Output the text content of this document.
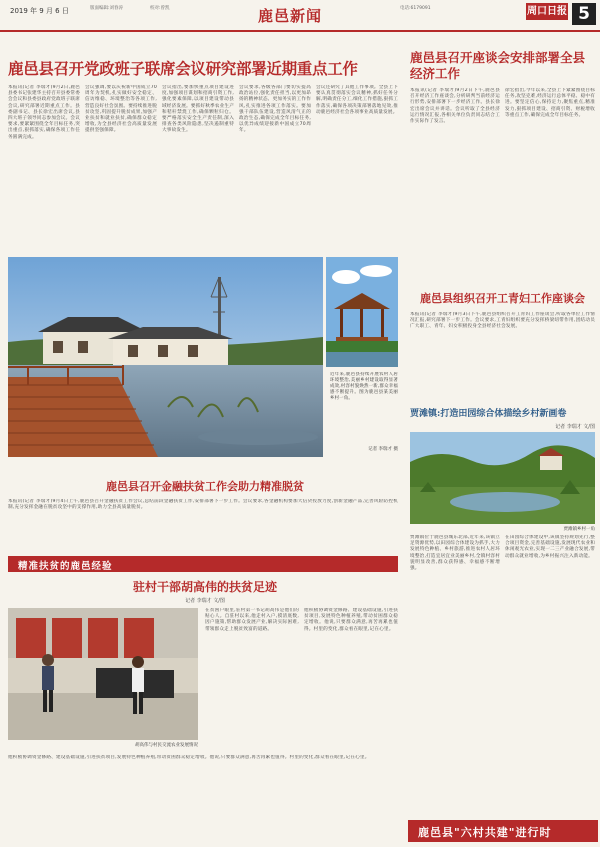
2019 年 9 月 6 日	版面编辑:刘春涛	校对:曾凯	鹿邑新闻	电话:6179091	周口日报 5
鹿邑县召开党政班子联席会议研究部署近期重点工作
本报讯(记者 李瑞才)9月2日,鹿邑县委书记张建华主持召开县委常委会会议和县委县政府党政班子联席会议,研究部署近期重点工作。县委副书记、县长徐宏出席会议,县四大班子领导同志参加会议。会议要求,要紧紧围绕全年目标任务,突出重点,狠抓落实,确保各项工作任务圆满完成。
会议强调,要以庆祝新中国成立70周年为契机,扎实做好安全稳定、信访维稳、环境整治等各项工作,营造良好社会氛围。要持续推进脱贫攻坚,巩固提升脱贫成果,加强产业扶贫和就业扶贫,确保群众稳定增收,为全县经济社会高质量发展提供坚强保障。
会议指出,要加快重点项目建设进度,加强项目谋划和招商引资工作,强化要素保障,以项目建设带动县域经济发展。要抓好秋季农业生产和秸秆禁烧工作,确保颗粒归仓。要严格落实安全生产责任制,深入排查各类风险隐患,坚决遏制重特大事故发生。
会议要求,各级各部门要切实提高政治站位,强化责任担当,以更加昂扬的精神状态、更加务实的工作作风,扎实推进各项工作落实。要加强干部队伍建设,营造风清气正的政治生态,确保完成全年目标任务,以优异成绩迎接新中国成立70周年。
会议还研究了其他工作事项。全县上下要认真贯彻落实会议精神,抓好任务分解,明确责任分工,细化工作措施,狠抓工作落实,确保各项决策部署落地见效,推动鹿邑经济社会各项事业高质量发展。
近年来,鹿邑县持续开展农村人居环境整治,美丽乡村建设取得显著成效,村容村貌焕然一新,群众幸福感不断提升。图为鹿邑县某美丽乡村一角。
记者 李瑞才 摄
鹿邑县召开金融扶贫工作会助力精准脱贫
本报讯(记者 李瑞才)9月4日上午,鹿邑县召开金融扶贫工作会议,总结前段金融扶贫工作,安排部署下一步工作。会议要求,各金融机构要加大信贷投放力度,创新金融产品,完善风险防控机制,充分发挥金融在脱贫攻坚中的支撑作用,助力全县高质量脱贫。
精准扶贫的鹿邑经验
驻村干部胡高伟的扶贫足迹
记者 李瑞才 文/图
胡高伟与村民交流农业发展情况
在贫困户眼里,驻村第一书记胡高伟是他们的贴心人。自驻村以来,他走村入户,摸清底数,因户施策,帮助群众发展产业,解决实际困难,带领群众走上脱贫致富的道路。
他积极协调资金修路、建设基础设施,引进扶贫项目,发展特色种植养殖,带动贫困群众稳定增收。他说,只要群众满意,再苦再累也值得。村里的变化,群众看在眼里,记在心里。
他积极协调资金修路、建设基础设施,引进扶贫项目,发展特色种植养殖,带动贫困群众稳定增收。他说,只要群众满意,再苦再累也值得。村里的变化,群众看在眼里,记在心里。
鹿邑县召开座谈会安排部署全县经济工作
本报讯(记者 李瑞才)9月2日下午,鹿邑县召开经济工作座谈会,分析研判当前经济运行形势,安排部署下一步经济工作。县长徐宏出席会议并讲话。会议听取了全县经济运行情况汇报,各相关单位负责同志结合工作实际作了发言。
徐宏指出,今年以来,全县上下紧紧围绕目标任务,攻坚克难,经济运行总体平稳、稳中有进。要坚定信心,保持定力,聚焦重点,精准发力,狠抓项目建设、招商引资、财税增收等重点工作,确保完成全年目标任务。
鹿邑县组织召开工青妇工作座谈会
本报讯(记者 李瑞才)9月3日下午,鹿邑县组织召开工青妇工作座谈会,听取各单位工作情况汇报,研究部署下一步工作。会议要求,工青妇组织要充分发挥桥梁纽带作用,团结动员广大职工、青年、妇女积极投身全县经济社会发展。
贾滩镇:打造田园综合体描绘乡村新画卷
记者 李瑞才 文/图
贾滩镇乡村一角
贾滩镇位于鹿邑县城东北部,近年来,该镇立足资源优势,以田园综合体建设为抓手,大力发展特色种植、乡村旅游,推进农村人居环境整治,打造宜居宜业美丽乡村,全镇村容村貌明显改善,群众获得感、幸福感不断增强。
在田园综合体建设中,该镇坚持规划先行,整合项目资金,完善基础设施,发展现代农业和休闲观光农业,实现一二三产业融合发展,带动群众就业增收,为乡村振兴注入新动能。
鹿邑县"六村共建"进行时
